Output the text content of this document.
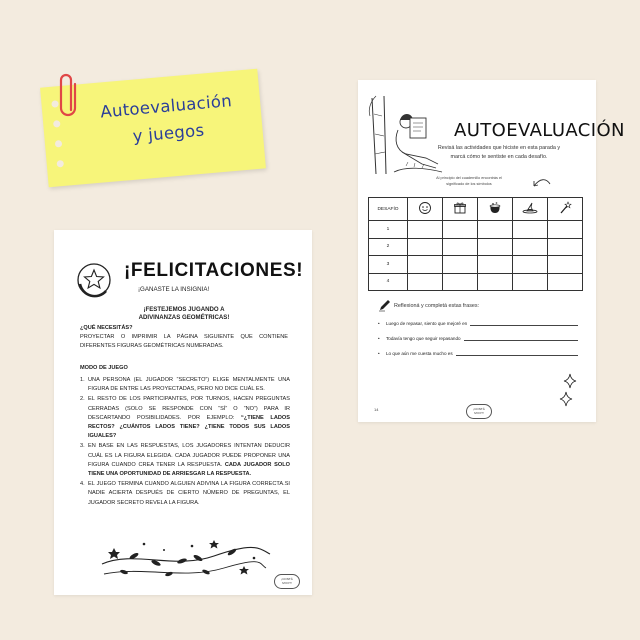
Autoevaluación
y juegos
¡FELICITACIONES!
¡GANASTE LA INSIGNIA!
¡FESTEJEMOS JUGANDO A
ADIVINANZAS GEOMÉTRICAS!
¿QUÉ NECESITÁS?
PROYECTAR O IMPRIMIR LA PÁGINA SIGUIENTE QUE CONTIENE DIFERENTES FIGURAS GEOMÉTRICAS NUMERADAS.
MODO DE JUEGO
1. UNA PERSONA (EL JUGADOR “SECRETO”) ELIGE MENTALMENTE UNA FIGURA DE ENTRE LAS PROYECTADAS, PERO NO DICE CUÁL ES.
2. EL RESTO DE LOS PARTICIPANTES, POR TURNOS, HACEN PREGUNTAS CERRADAS (SOLO SE RESPONDE CON “SÍ” O “NO”) PARA IR DESCARTANDO POSIBILIDADES. POR EJEMPLO: “¿TIENE LADOS RECTOS? ¿CUÁNTOS LADOS TIENE? ¿TIENE TODOS SUS LADOS IGUALES?
3. EN BASE EN LAS RESPUESTAS, LOS JUGADORES INTENTAN DEDUCIR CUÁL ES LA FIGURA ELEGIDA. CADA JUGADOR PUEDE PROPONER UNA FIGURA CUANDO CREA TENER LA RESPUESTA. CADA JUGADOR SOLO TIENE UNA OPORTUNIDAD DE ARRIESGAR LA RESPUESTA.
4. EL JUEGO TERMINA CUANDO ALGUIEN ADIVINA LA FIGURA CORRECTA.SI NADIE ACIERTA DESPUÉS DE CIERTO NÚMERO DE PREGUNTAS, EL JUGADOR SECRETO REVELA LA FIGURA.
¡CONTÁ
MI FIT!
AUTOEVALUACIÓN
Revisá las actividades que hiciste en esta parada y
marcá cómo te sentiste en cada desafío.
Al principio del cuadernillo encontrás el
significado de los símbolos
DESAFÍO					
1					
2					
3					
4					
Reflexioná y completá estas frases:
•	Luego de repasar, siento que mejoré en
•	Todavía tengo que seguir repasando
•	Lo que aún me cuesta mucho es
14	¡CONTÁ
MI FIT!
